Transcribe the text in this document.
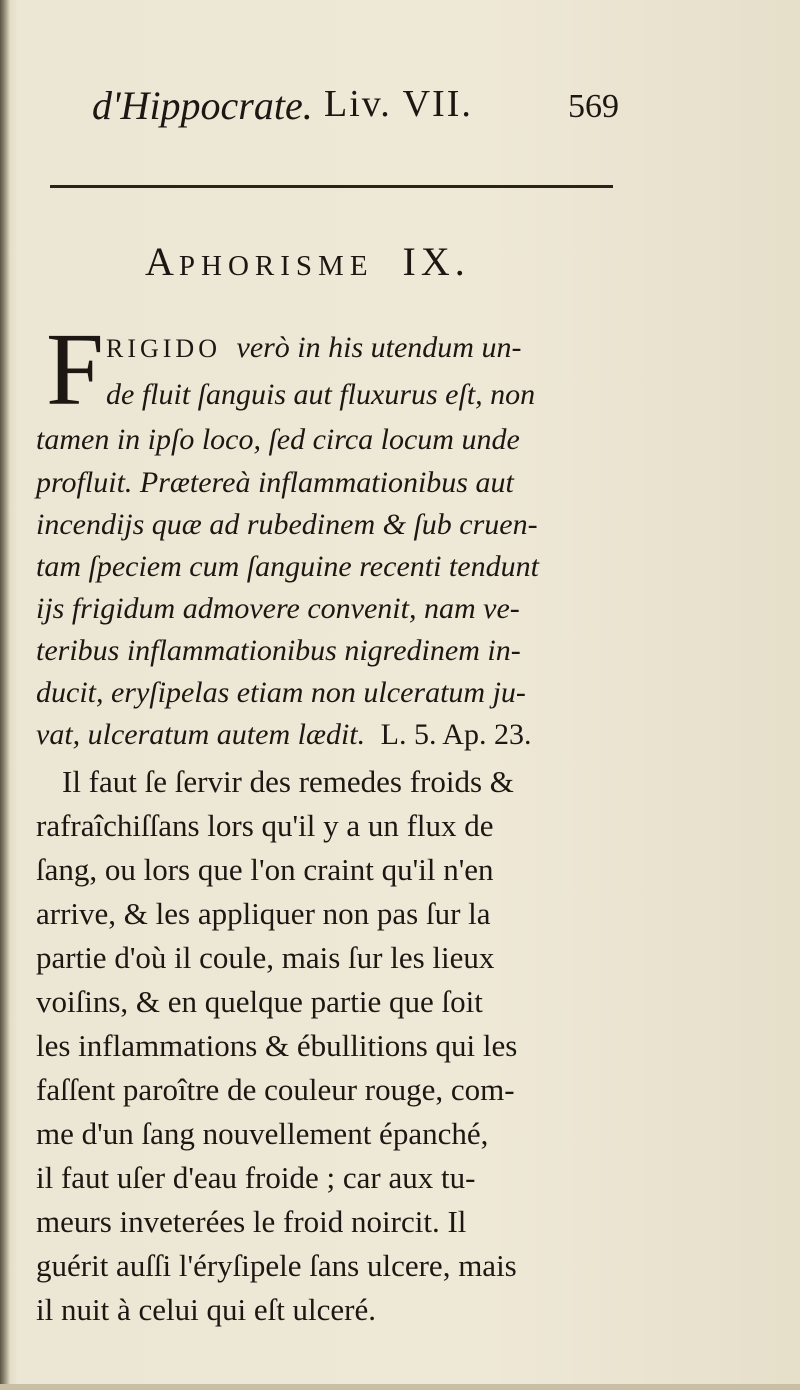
d'Hippocrate. Liv. VII.	569
APHORISME IX.
F RIGIDO verò in his utendum un-
de fluit ſanguis aut fluxurus eſt, non
tamen in ipſo loco, ſed circa locum unde
profluit. Prætereà inflammationibus aut
incendijs quæ ad rubedinem & ſub cruen-
tam ſpeciem cum ſanguine recenti tendunt
ijs frigidum admovere convenit, nam ve-
teribus inflammationibus nigredinem in-
ducit, eryſipelas etiam non ulceratum ju-
vat, ulceratum autem lædit. L. 5. Ap. 23.
Il faut ſe ſervir des remedes froids &
rafraîchiſſans lors qu'il y a un flux de
ſang, ou lors que l'on craint qu'il n'en
arrive, & les appliquer non pas ſur la
partie d'où il coule, mais ſur les lieux
voiſins, & en quelque partie que ſoit
les inflammations & ébullitions qui les
faſſent paroître de couleur rouge, com-
me d'un ſang nouvellement épanché,
il faut uſer d'eau froide ; car aux tu-
meurs inveterées le froid noircit. Il
guérit auſſi l'éryſipele ſans ulcere, mais
il nuit à celui qui eſt ulceré.
